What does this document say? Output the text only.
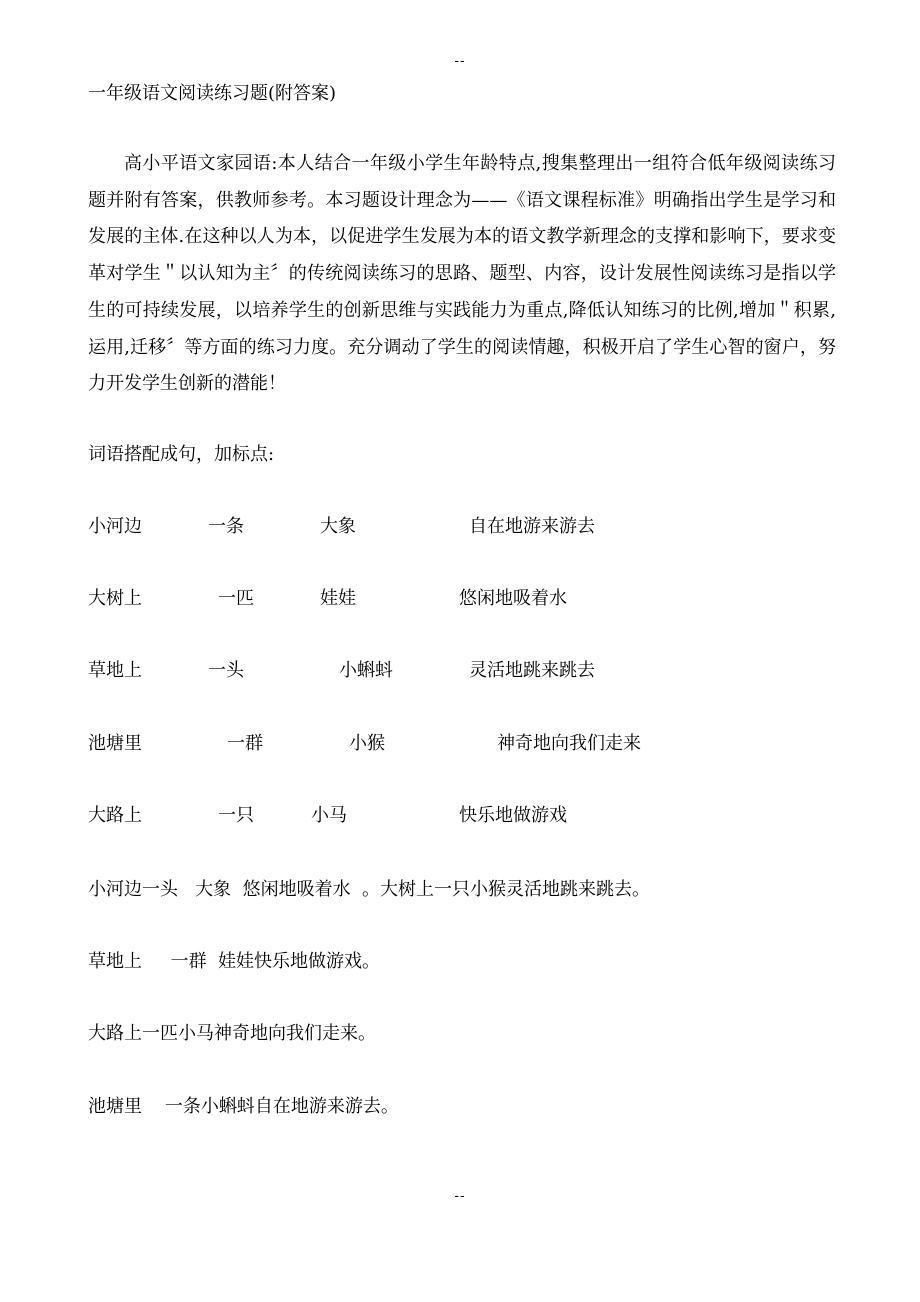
--
一年级语文阅读练习题(附答案)

高小平语文家园语:本人结合一年级小学生年龄特点,搜集整理出一组符合低年级阅读练习题并附有答案，供教师参考。本习题设计理念为——《语文课程标准》明确指出学生是学习和发展的主体.在这种以人为本，以促进学生发展为本的语文教学新理念的支撑和影响下，要求变革对学生＂以认知为主〞的传统阅读练习的思路、题型、内容，设计发展性阅读练习是指以学生的可持续发展，以培养学生的创新思维与实践能力为重点,降低认知练习的比例,增加＂积累,运用,迁移〞等方面的练习力度。充分调动了学生的阅读情趣，积极开启了学生心智的窗户，努力开发学生创新的潜能！

词语搭配成句，加标点:
小河边	一条	大象	自在地游来游去
大树上	一匹	娃娃	悠闲地吸着水
草地上	一头	小蝌蚪	灵活地跳来跳去
池塘里	一群	小猴	神奇地向我们走来
大路上	一只	小马	快乐地做游戏
小河边一头   大象  悠闲地吸着水  。大树上一只小猴灵活地跳来跳去。
草地上     一群  娃娃快乐地做游戏。
大路上一匹小马神奇地向我们走来。
池塘里    一条小蝌蚪自在地游来游去。
--
